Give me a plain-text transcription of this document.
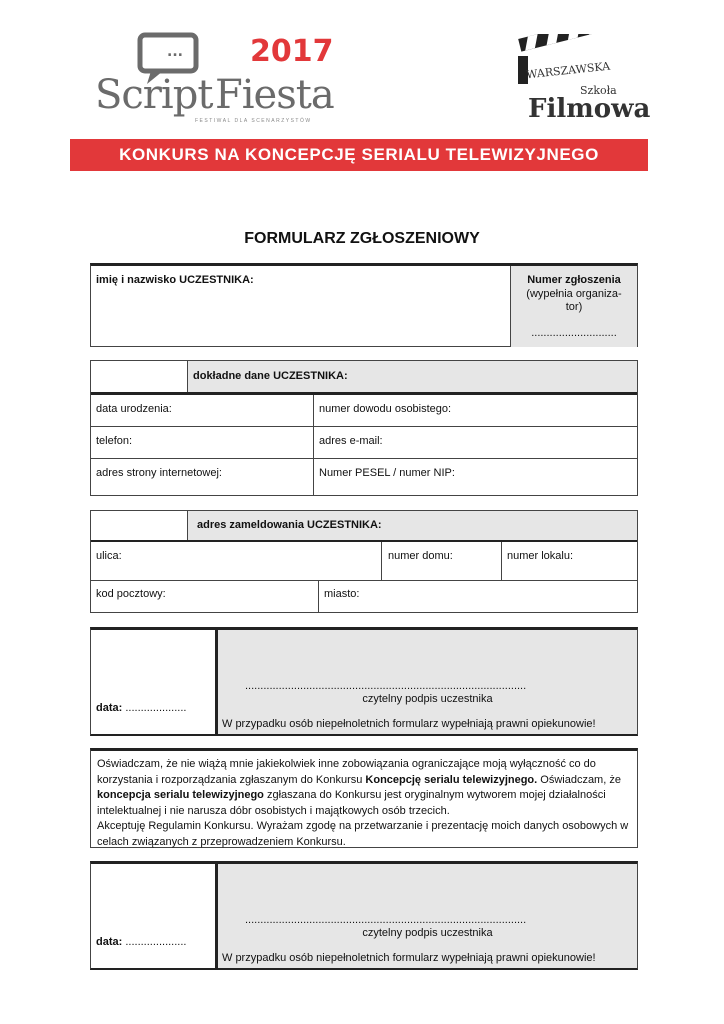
... 2017
Script Fiesta
FESTIWAL DLA SCENARZYSTÓW
WARSZAWSKA
Szkoła
Filmowa
KONKURS NA KONCEPCJĘ SERIALU TELEWIZYJNEGO
FORMULARZ ZGŁOSZENIOWY
imię i nazwisko UCZESTNIKA:	Numer zgłoszenia
(wypełnia organiza-
tor)
............................
dokładne dane UCZESTNIKA:
data urodzenia:	numer dowodu osobistego:
telefon:	adres e-mail:
adres strony internetowej:	Numer PESEL / numer NIP:
adres zameldowania UCZESTNIKA:
ulica:	numer domu:	numer lokalu:
kod pocztowy:	miasto:
data: ....................
............................................................................................
czytelny podpis uczestnika
W przypadku osób niepełnoletnich formularz wypełniają prawni opiekunowie!
Oświadczam, że nie wiążą mnie jakiekolwiek inne zobowiązania ograniczające moją wyłączność co do korzystania i rozporządzania zgłaszanym do Konkursu Koncepcję serialu telewizyjnego. Oświadczam, że koncepcja serialu telewizyjnego zgłaszana do Konkursu jest oryginalnym wytworem mojej działalności intelektualnej i nie narusza dóbr osobistych i majątkowych osób trzecich.
Akceptuję Regulamin Konkursu. Wyrażam zgodę na przetwarzanie i prezentację moich danych osobowych w celach związanych z przeprowadzeniem Konkursu.
data: ....................
............................................................................................
czytelny podpis uczestnika
W przypadku osób niepełnoletnich formularz wypełniają prawni opiekunowie!
